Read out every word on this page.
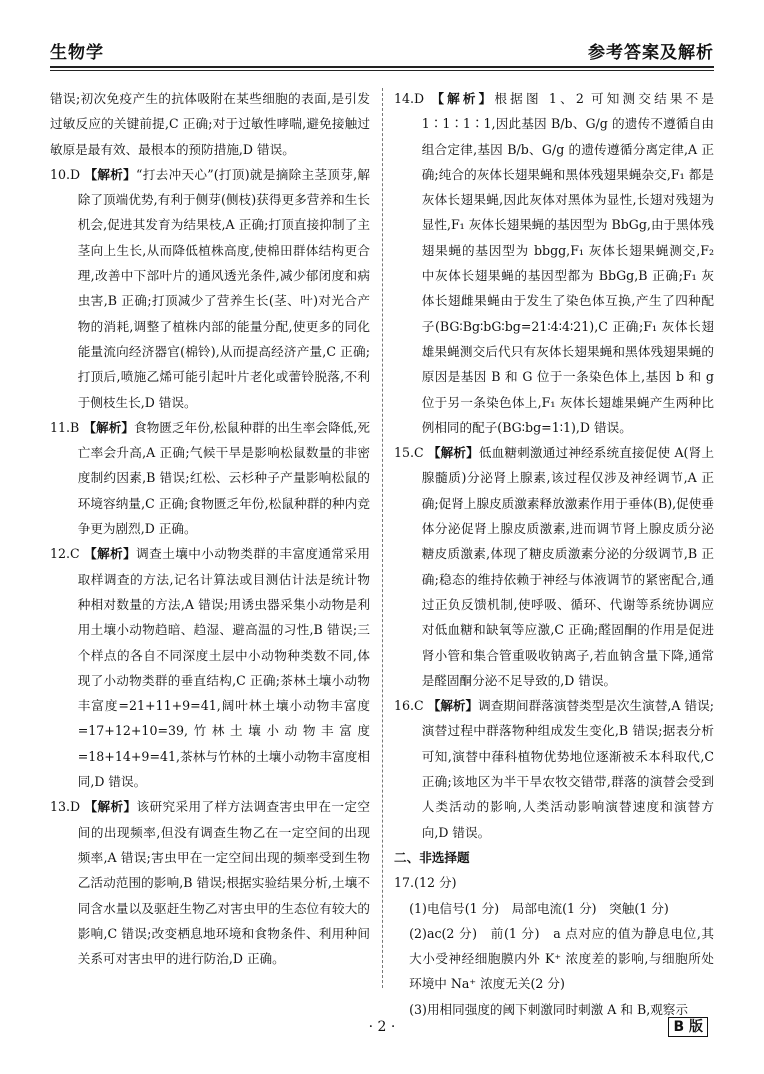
生物学	参考答案及解析

错误;初次免疫产生的抗体吸附在某些细胞的表面,是引发过敏反应的关键前提,C 正确;对于过敏性哮喘,避免接触过敏原是最有效、最根本的预防措施,D 错误。

10.D 【解析】“打去冲天心”(打顶)就是摘除主茎顶芽,解除了顶端优势,有利于侧芽(侧枝)获得更多营养和生长机会,促进其发育为结果枝,A 正确;打顶直接抑制了主茎向上生长,从而降低植株高度,使棉田群体结构更合理,改善中下部叶片的通风透光条件,减少郁闭度和病虫害,B 正确;打顶减少了营养生长(茎、叶)对光合产物的消耗,调整了植株内部的能量分配,使更多的同化能量流向经济器官(棉铃),从而提高经济产量,C 正确;打顶后,喷施乙烯可能引起叶片老化或蕾铃脱落,不利于侧枝生长,D 错误。

11.B 【解析】食物匮乏年份,松鼠种群的出生率会降低,死亡率会升高,A 正确;气候干旱是影响松鼠数量的非密度制约因素,B 错误;红松、云杉种子产量影响松鼠的环境容纳量,C 正确;食物匮乏年份,松鼠种群的种内竞争更为剧烈,D 正确。

12.C 【解析】调查土壤中小动物类群的丰富度通常采用取样调查的方法,记名计算法或目测估计法是统计物种相对数量的方法,A 错误;用诱虫器采集小动物是利用土壤小动物趋暗、趋湿、避高温的习性,B 错误;三个样点的各自不同深度土层中小动物种类数不同,体现了小动物类群的垂直结构,C 正确;茶林土壤小动物丰富度=21+11+9=41,阔叶林土壤小动物丰富度=17+12+10=39,竹林土壤小动物丰富度=18+14+9=41,茶林与竹林的土壤小动物丰富度相同,D 错误。

13.D 【解析】该研究采用了样方法调查害虫甲在一定空间的出现频率,但没有调查生物乙在一定空间的出现频率,A 错误;害虫甲在一定空间出现的频率受到生物乙活动范围的影响,B 错误;根据实验结果分析,土壤不同含水量以及驱赶生物乙对害虫甲的生态位有较大的影响,C 错误;改变栖息地环境和食物条件、利用种间关系可对害虫甲的进行防治,D 正确。

14.D 【解析】根据图 1、2 可知测交结果不是 1∶1∶1∶1,因此基因 B/b、G/g 的遗传不遵循自由组合定律,基因 B/b、G/g 的遗传遵循分离定律,A 正确;纯合的灰体长翅果蝇和黑体残翅果蝇杂交,F₁ 都是灰体长翅果蝇,因此灰体对黑体为显性,长翅对残翅为显性,F₁ 灰体长翅果蝇的基因型为 BbGg,由于黑体残翅果蝇的基因型为 bbgg,F₁ 灰体长翅果蝇测交,F₂ 中灰体长翅果蝇的基因型都为 BbGg,B 正确;F₁ 灰体长翅雌果蝇由于发生了染色体互换,产生了四种配子(BG∶Bg∶bG∶bg=21∶4∶4∶21),C 正确;F₁ 灰体长翅雄果蝇测交后代只有灰体长翅果蝇和黑体残翅果蝇的原因是基因 B 和 G 位于一条染色体上,基因 b 和 g 位于另一条染色体上,F₁ 灰体长翅雄果蝇产生两种比例相同的配子(BG∶bg=1∶1),D 错误。

15.C 【解析】低血糖刺激通过神经系统直接促使 A(肾上腺髓质)分泌肾上腺素,该过程仅涉及神经调节,A 正确;促肾上腺皮质激素释放激素作用于垂体(B),促使垂体分泌促肾上腺皮质激素,进而调节肾上腺皮质分泌糖皮质激素,体现了糖皮质激素分泌的分级调节,B 正确;稳态的维持依赖于神经与体液调节的紧密配合,通过正负反馈机制,使呼吸、循环、代谢等系统协调应对低血糖和缺氧等应激,C 正确;醛固酮的作用是促进肾小管和集合管重吸收钠离子,若血钠含量下降,通常是醛固酮分泌不足导致的,D 错误。

16.C 【解析】调查期间群落演替类型是次生演替,A 错误;演替过程中群落物种组成发生变化,B 错误;据表分析可知,演替中葎科植物优势地位逐渐被禾本科取代,C 正确;该地区为半干旱农牧交错带,群落的演替会受到人类活动的影响,人类活动影响演替速度和演替方向,D 错误。

二、非选择题

17.(12 分)

(1)电信号(1 分)　局部电流(1 分)　突触(1 分)

(2)ac(2 分)　前(1 分)　a 点对应的值为静息电位,其大小受神经细胞膜内外 K⁺ 浓度差的影响,与细胞所处环境中 Na⁺ 浓度无关(2 分)

(3)用相同强度的阈下刺激同时刺激 A 和 B,观察示

· 2 ·	B 版
